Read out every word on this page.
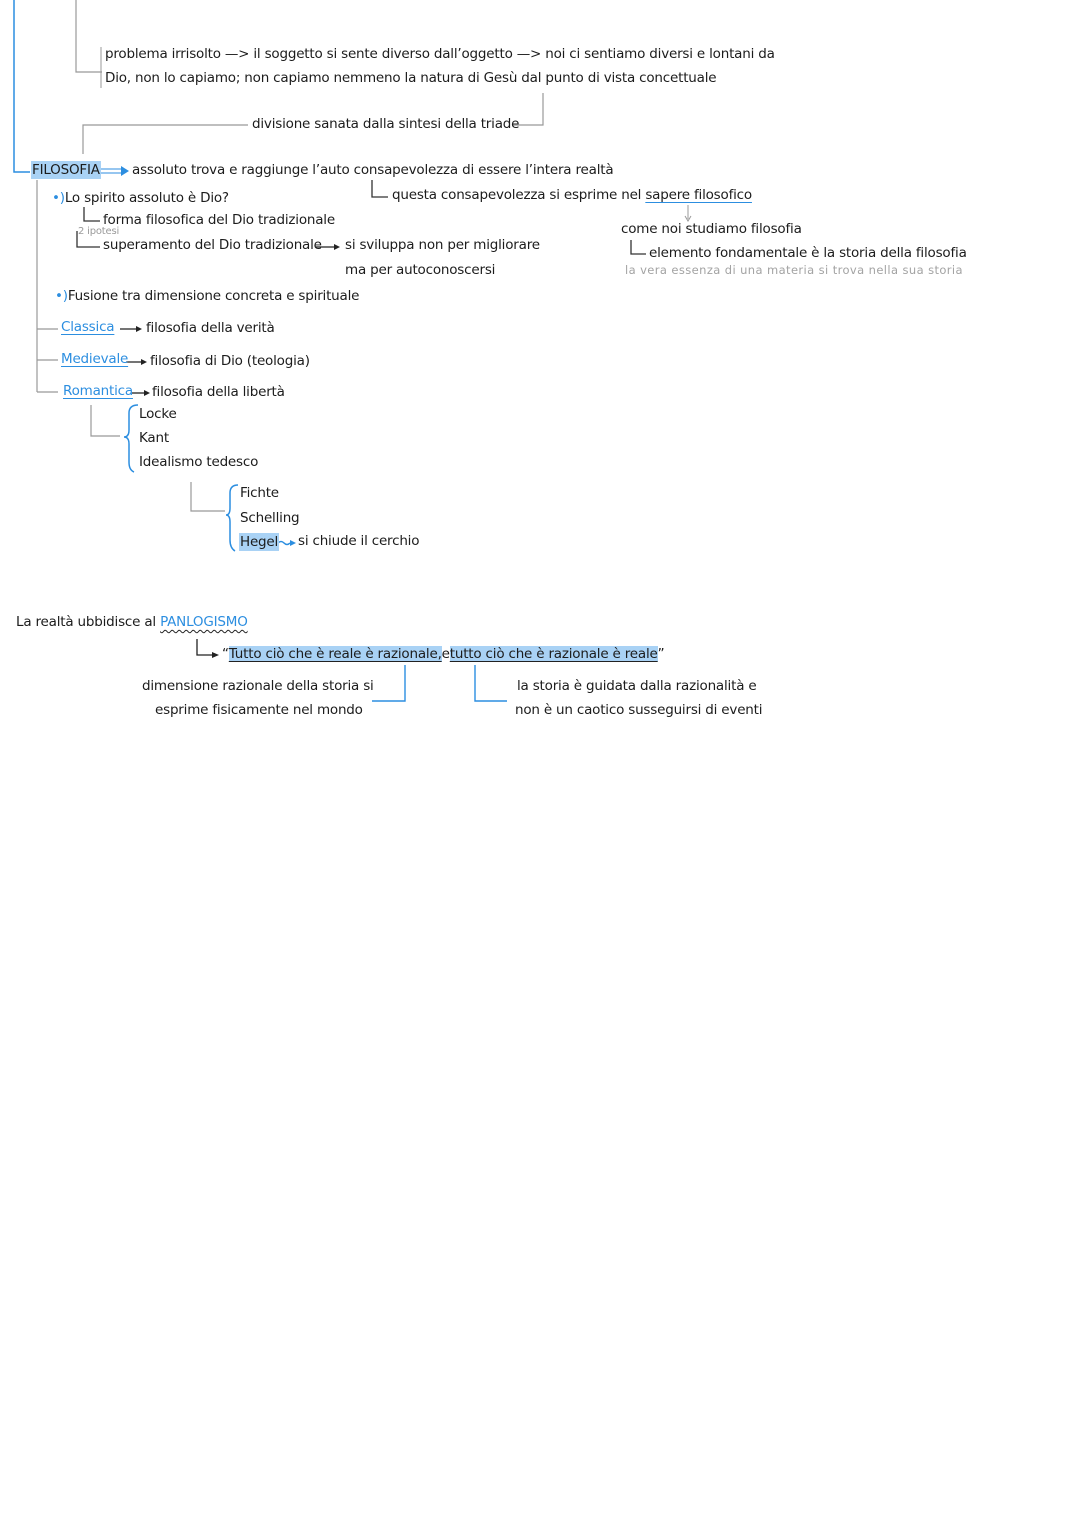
problema irrisolto —> il soggetto si sente diverso dall’oggetto —> noi ci sentiamo diversi e lontani da
Dio, non lo capiamo; non capiamo nemmeno la natura di Gesù dal punto di vista concettuale
divisione sanata dalla sintesi della triade
FILOSOFIA assoluto trova e raggiunge l’auto consapevolezza di essere l’intera realtà
questa consapevolezza si esprime nel sapere filosofico
come noi studiamo filosofia
elemento fondamentale è la storia della filosofia
la vera essenza di una materia si trova nella sua storia
•)Lo spirito assoluto è Dio?
forma filosofica del Dio tradizionale
2 ipotesi
superamento del Dio tradizionale si sviluppa non per migliorare
ma per autoconoscersi
•)Fusione tra dimensione concreta e spirituale
Classica filosofia della verità
Medievale filosofia di Dio (teologia)
Romantica filosofia della libertà
Locke
Kant
Idealismo tedesco
Fichte
Schelling
Hegel si chiude il cerchio
La realtà ubbidisce al PANLOGISMO
“Tutto ciò che è reale è razionale,etutto ciò che è razionale è reale”
dimensione razionale della storia si
esprime fisicamente nel mondo
la storia è guidata dalla razionalità e
non è un caotico susseguirsi di eventi
